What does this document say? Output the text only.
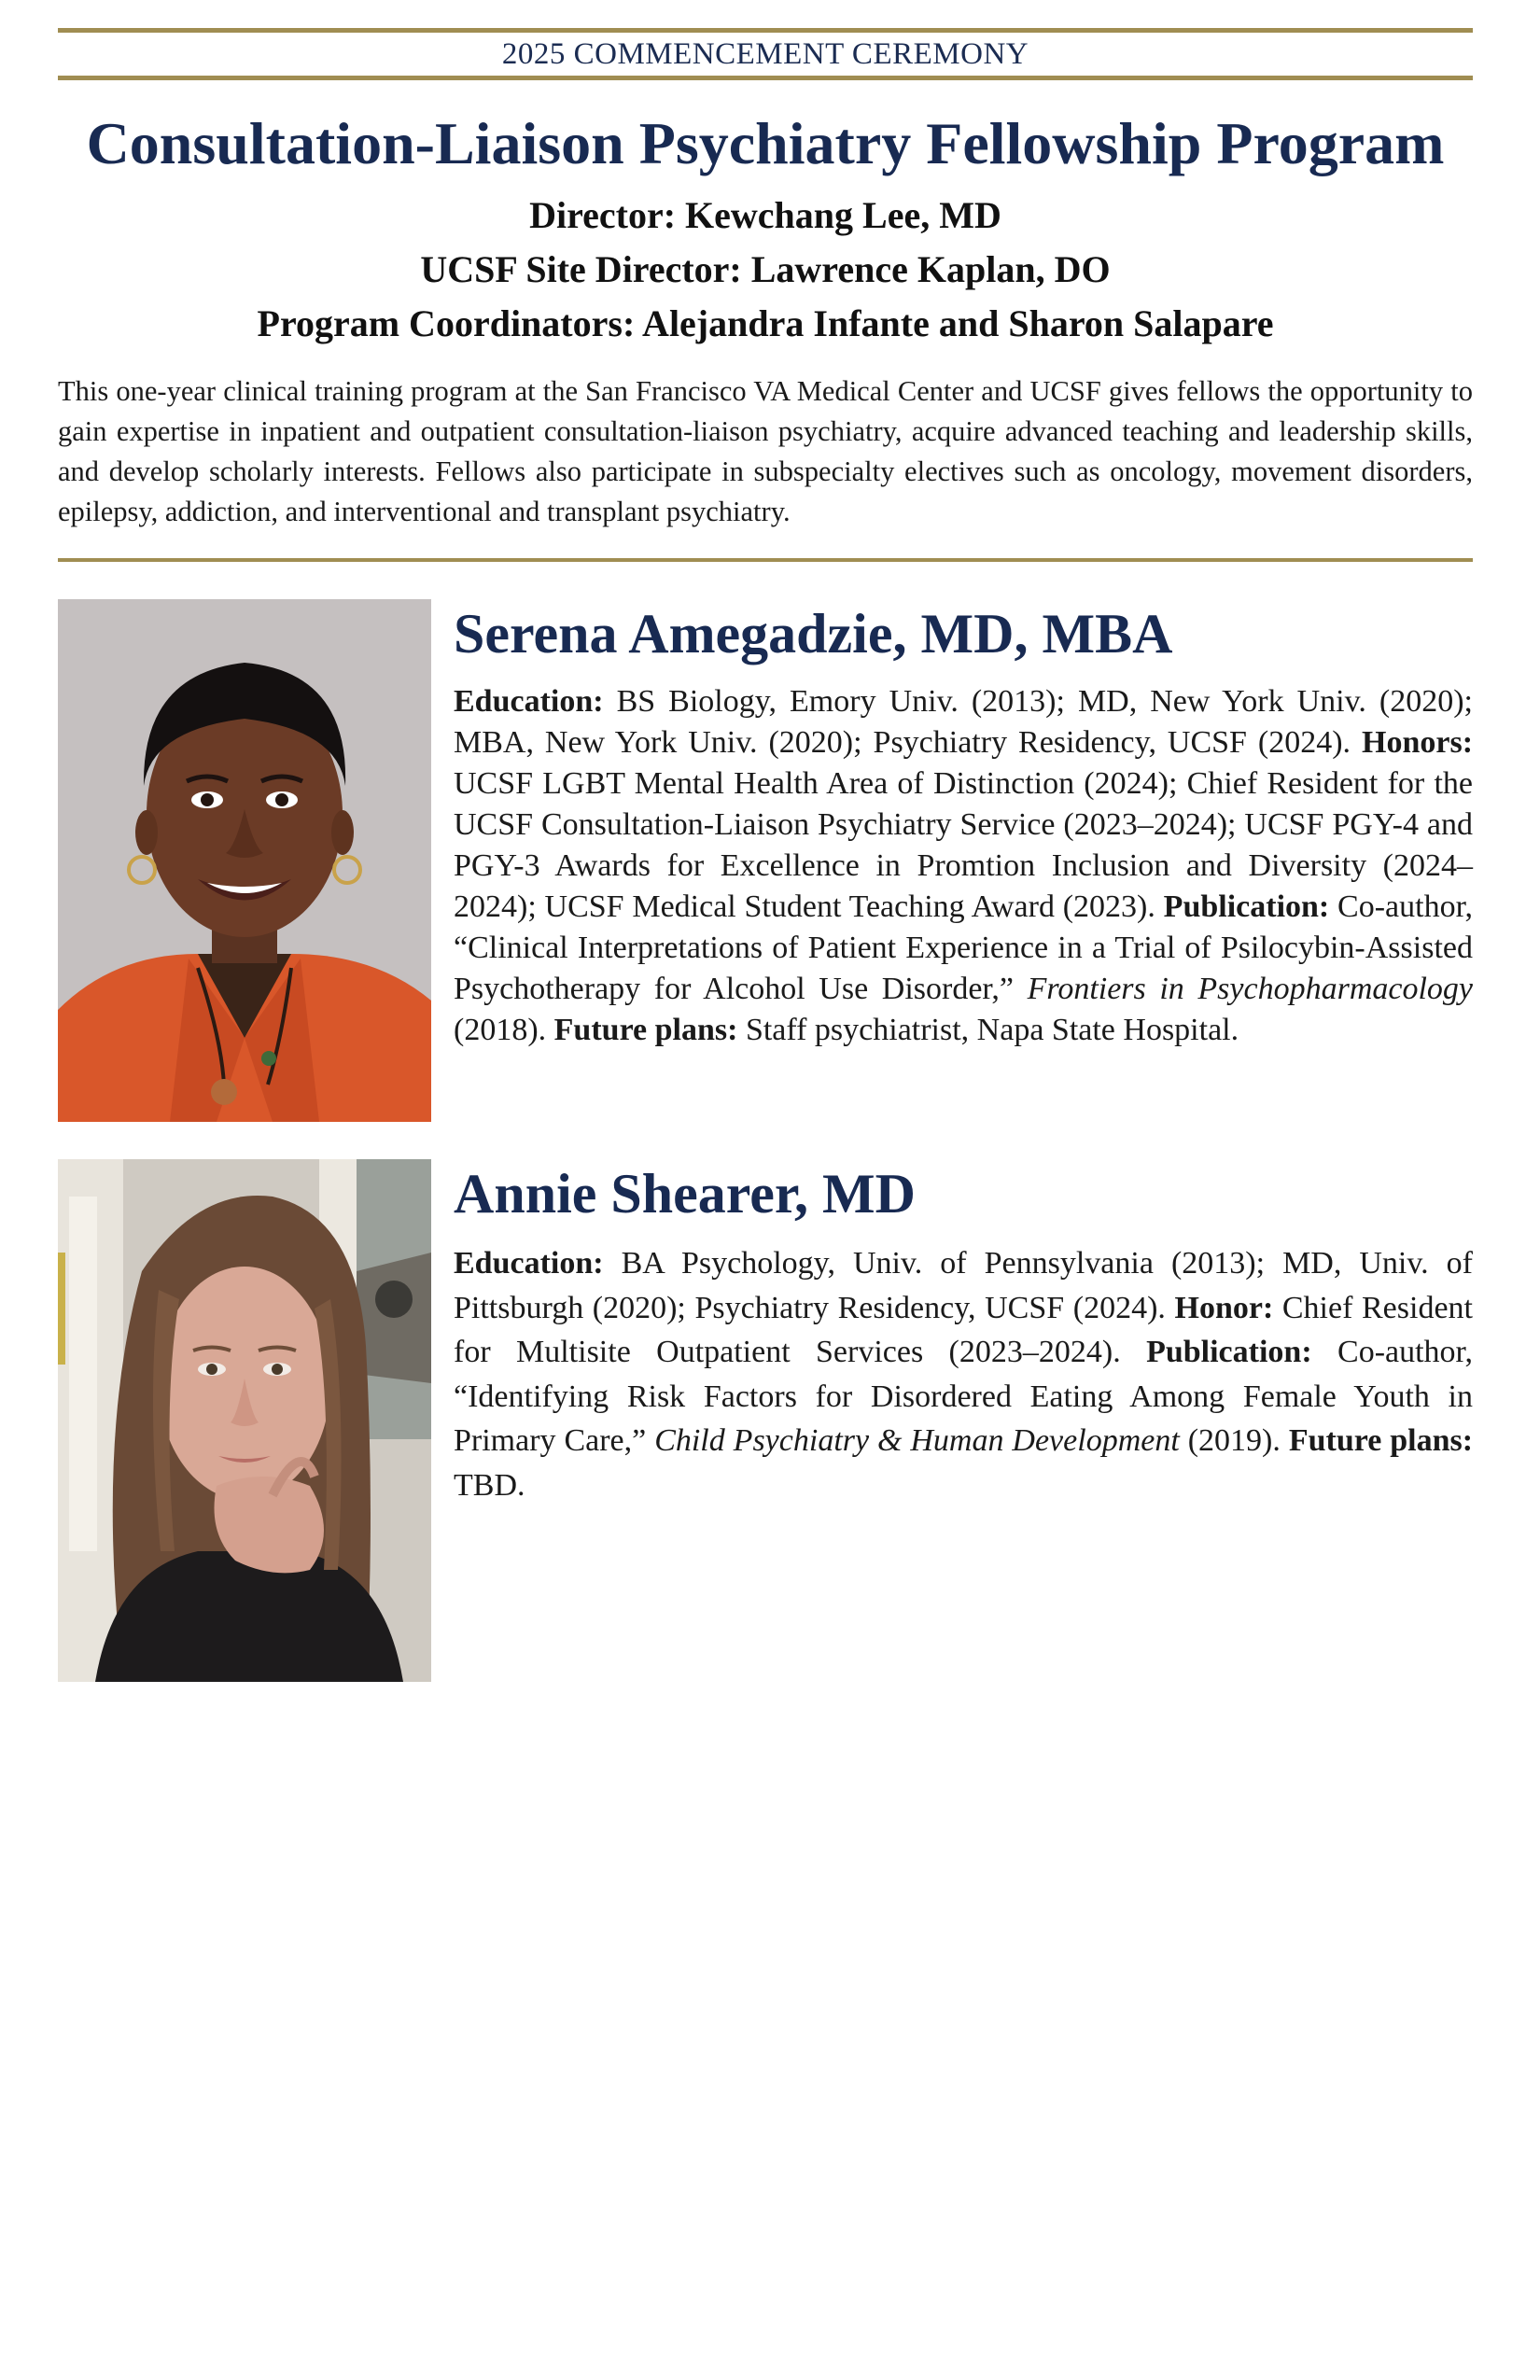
2025 COMMENCEMENT CEREMONY
Consultation-Liaison Psychiatry Fellowship Program
Director: Kewchang Lee, MD
UCSF Site Director: Lawrence Kaplan, DO
Program Coordinators: Alejandra Infante and Sharon Salapare

This one-year clinical training program at the San Francisco VA Medical Center and UCSF gives fellows the opportunity to gain expertise in inpatient and outpatient consultation-liaison psychiatry, acquire advanced teaching and leadership skills, and develop scholarly interests. Fellows also participate in subspecialty electives such as oncology, movement disorders, epilepsy, addiction, and interventional and transplant psychiatry.

Serena Amegadzie, MD, MBA
Education: BS Biology, Emory Univ. (2013); MD, New York Univ. (2020); MBA, New York Univ. (2020); Psychiatry Residency, UCSF (2024). Honors: UCSF LGBT Mental Health Area of Distinction (2024); Chief Resident for the UCSF Consultation-Liaison Psychiatry Service (2023–2024); UCSF PGY-4 and PGY-3 Awards for Excellence in Promtion Inclusion and Diversity (2024–2024); UCSF Medical Student Teaching Award (2023). Publication: Co-author, “Clinical Interpretations of Patient Experience in a Trial of Psilocybin-Assisted Psychotherapy for Alcohol Use Disorder,” Frontiers in Psychopharmacology (2018). Future plans: Staff psychiatrist, Napa State Hospital.
Annie Shearer, MD
Education: BA Psychology, Univ. of Pennsylvania (2013); MD, Univ. of Pittsburgh (2020); Psychiatry Residency, UCSF (2024). Honor: Chief Resident for Multisite Outpatient Services (2023–2024). Publication: Co-author, “Identifying Risk Factors for Disordered Eating Among Female Youth in Primary Care,” Child Psychiatry & Human Development (2019). Future plans: TBD.
